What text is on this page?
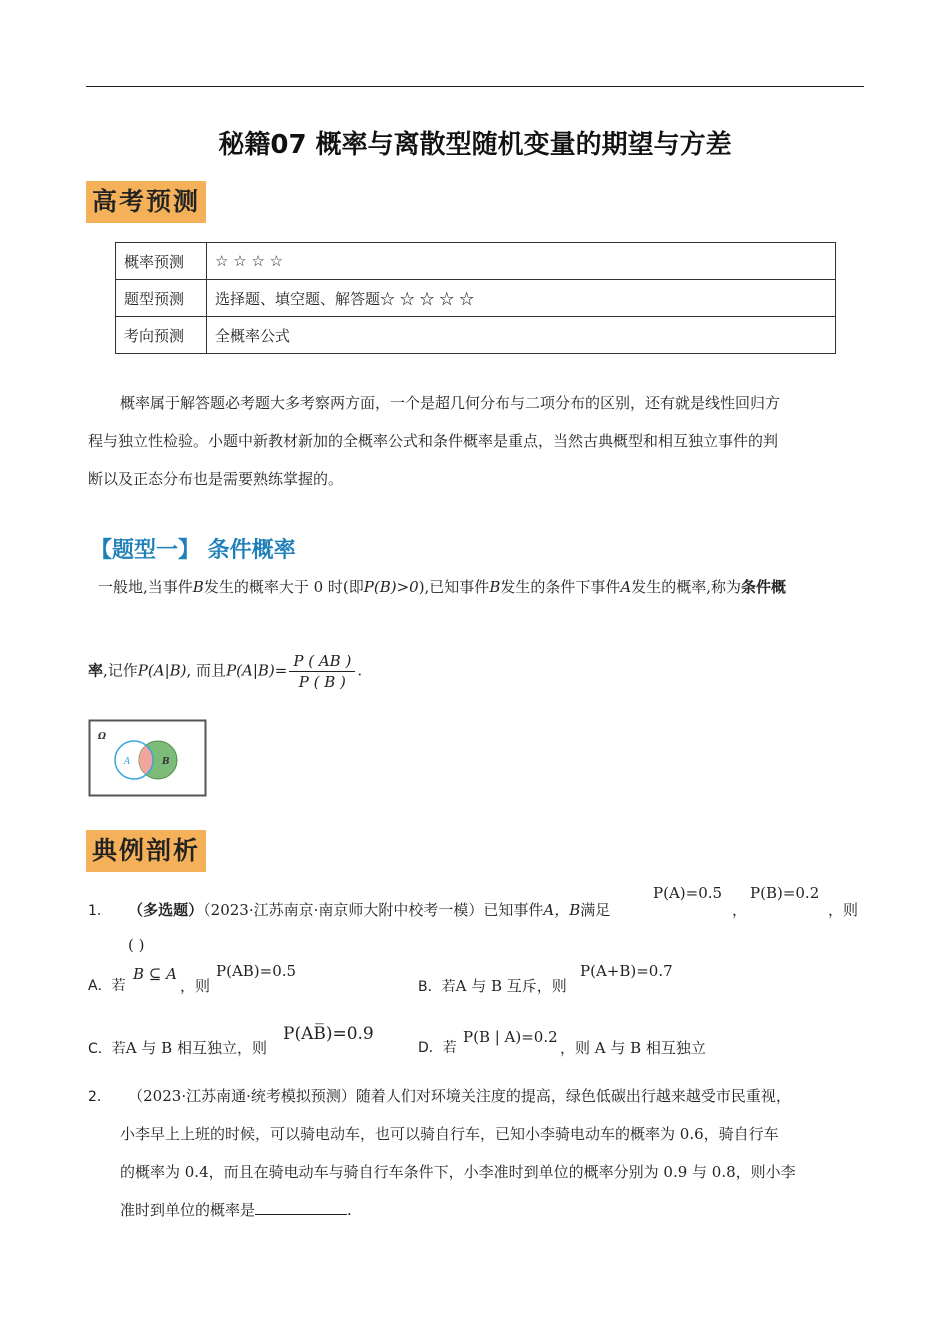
秘籍07 概率与离散型随机变量的期望与方差
高考预测
概率预测	☆ ☆ ☆ ☆
题型预测	选择题、填空题、解答题☆ ☆ ☆ ☆ ☆
考向预测	全概率公式
概率属于解答题必考题大多考察两方面，一个是超几何分布与二项分布的区别，还有就是线性回归方
程与独立性检验。小题中新教材新加的全概率公式和条件概率是重点，当然古典概型和相互独立事件的判
断以及正态分布也是需要熟练掌握的。
【题型一】 条件概率
一般地,当事件B发生的概率大于 0 时(即P(B)>0),已知事件B发生的条件下事件A发生的概率,称为条件概
率,记作P(A|B), 而且$P(A|B)= \frac{P ( AB )}{P ( B )}$ .
Ω
A	B
典例剖析
1. （多选题）（2023·江苏南京·南京师大附中校考一模）已知事件A，B满足
P(A)=0.5
，
P(B)=0.2
，则
( )
A．若
B ⊆ A
，则
P(AB)=0.5
B．若A 与 B 互斥，则
P(A+B)=0.7
C．若A 与 B 相互独立，则
P(AB̅)=0.9
D．若
P(B | A)=0.2
，则 A 与 B 相互独立
2. （2023·江苏南通·统考模拟预测）随着人们对环境关注度的提高，绿色低碳出行越来越受市民重视，
小李早上上班的时候，可以骑电动车，也可以骑自行车，已知小李骑电动车的概率为 0.6，骑自行车
的概率为 0.4，而且在骑电动车与骑自行车条件下，小李准时到单位的概率分别为 0.9 与 0.8，则小李
准时到单位的概率是	.
